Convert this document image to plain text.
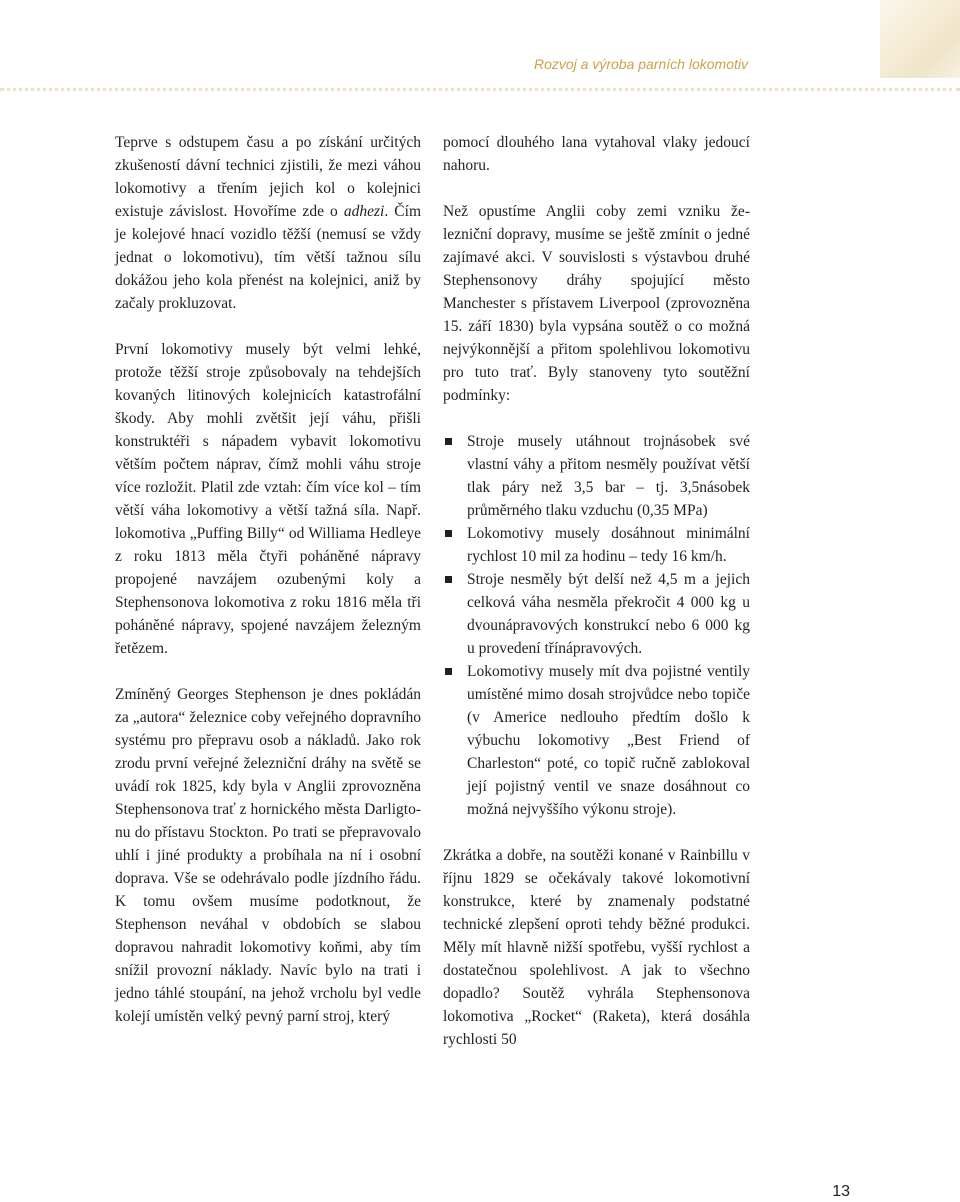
Rozvoj a výroba parních lokomotiv

Teprve s odstupem času a po získání určitých zkušeností dávní technici zjistili, že mezi váhou lokomotivy a třením jejich kol o kolejnici existuje závislost. Hovoříme zde o adhezi. Čím je kolejové hnací vozidlo těžší (nemusí se vždy jednat o lokomotivu), tím větší tažnou sílu dokážou jeho kola přenést na kolejnici, aniž by začaly prokluzovat.

První lokomotivy musely být velmi lehké, protože těžší stroje způsobovaly na tehdejších kovaných litinových kolejnicích katastrofální škody. Aby mohli zvětšit její váhu, přišli konstruktéři s nápadem vybavit lokomotivu větším počtem náprav, čímž mohli váhu stroje více rozložit. Platil zde vztah: čím více kol – tím větší váha lokomotivy a větší tažná síla. Např. lokomotiva „Puffing Billy“ od Williama Hedleye z roku 1813 měla čtyři poháněné nápravy propojené navzájem ozubenými koly a Stephensonova lokomotiva z roku 1816 měla tři poháněné nápravy, spojené navzájem železným řetězem.

Zmíněný Georges Stephenson je dnes pokládán za „autora“ železnice coby veřejného dopravního systému pro přepravu osob a nákladů. Jako rok zrodu první veřejné železniční dráhy na světě se uvádí rok 1825, kdy byla v Anglii zprovozněna Stephensonova trať z hornického města Darligtonu do přístavu Stockton. Po trati se přepravovalo uhlí i jiné produkty a probíhala na ní i osobní doprava. Vše se odehrávalo podle jízdního řádu. K tomu ovšem musíme podotknout, že Stephenson neváhal v obdobích se slabou dopravou nahradit lokomotivy koňmi, aby tím snížil provozní náklady. Navíc bylo na trati i jedno táhlé stoupání, na jehož vrcholu byl vedle kolejí umístěn velký pevný parní stroj, který

pomocí dlouhého lana vytahoval vlaky jedoucí nahoru.

Než opustíme Anglii coby zemi vzniku železniční dopravy, musíme se ještě zmínit o jedné zajímavé akci. V souvislosti s výstavbou druhé Stephensonovy dráhy spojující město Manchester s přístavem Liverpool (zprovozněna 15. září 1830) byla vypsána soutěž o co možná nejvýkonnější a přitom spolehlivou lokomotivu pro tuto trať. Byly stanoveny tyto soutěžní podmínky:

Stroje musely utáhnout trojnásobek své vlastní váhy a přitom nesměly používat větší tlak páry než 3,5 bar – tj. 3,5násobek průměrného tlaku vzduchu (0,35 MPa)
Lokomotivy musely dosáhnout minimální rychlost 10 mil za hodinu – tedy 16 km/h.
Stroje nesměly být delší než 4,5 m a jejich celková váha nesměla překročit 4 000 kg u dvounápravových konstrukcí nebo 6 000 kg u provedení třínápravových.
Lokomotivy musely mít dva pojistné ventily umístěné mimo dosah strojvůdce nebo topiče (v Americe nedlouho předtím došlo k výbuchu lokomotivy „Best Friend of Charleston“ poté, co topič ručně zablokoval její pojistný ventil ve snaze dosáhnout co možná nejvyššího výkonu stroje).

Zkrátka a dobře, na soutěži konané v Rainbillu v říjnu 1829 se očekávaly takové lokomotivní konstrukce, které by znamenaly podstatné technické zlepšení oproti tehdy běžné produkci. Měly mít hlavně nižší spotřebu, vyšší rychlost a dostatečnou spolehlivost. A jak to všechno dopadlo? Soutěž vyhrála Stephensonova lokomotiva „Rocket“ (Raketa), která dosáhla rychlosti 50

13
